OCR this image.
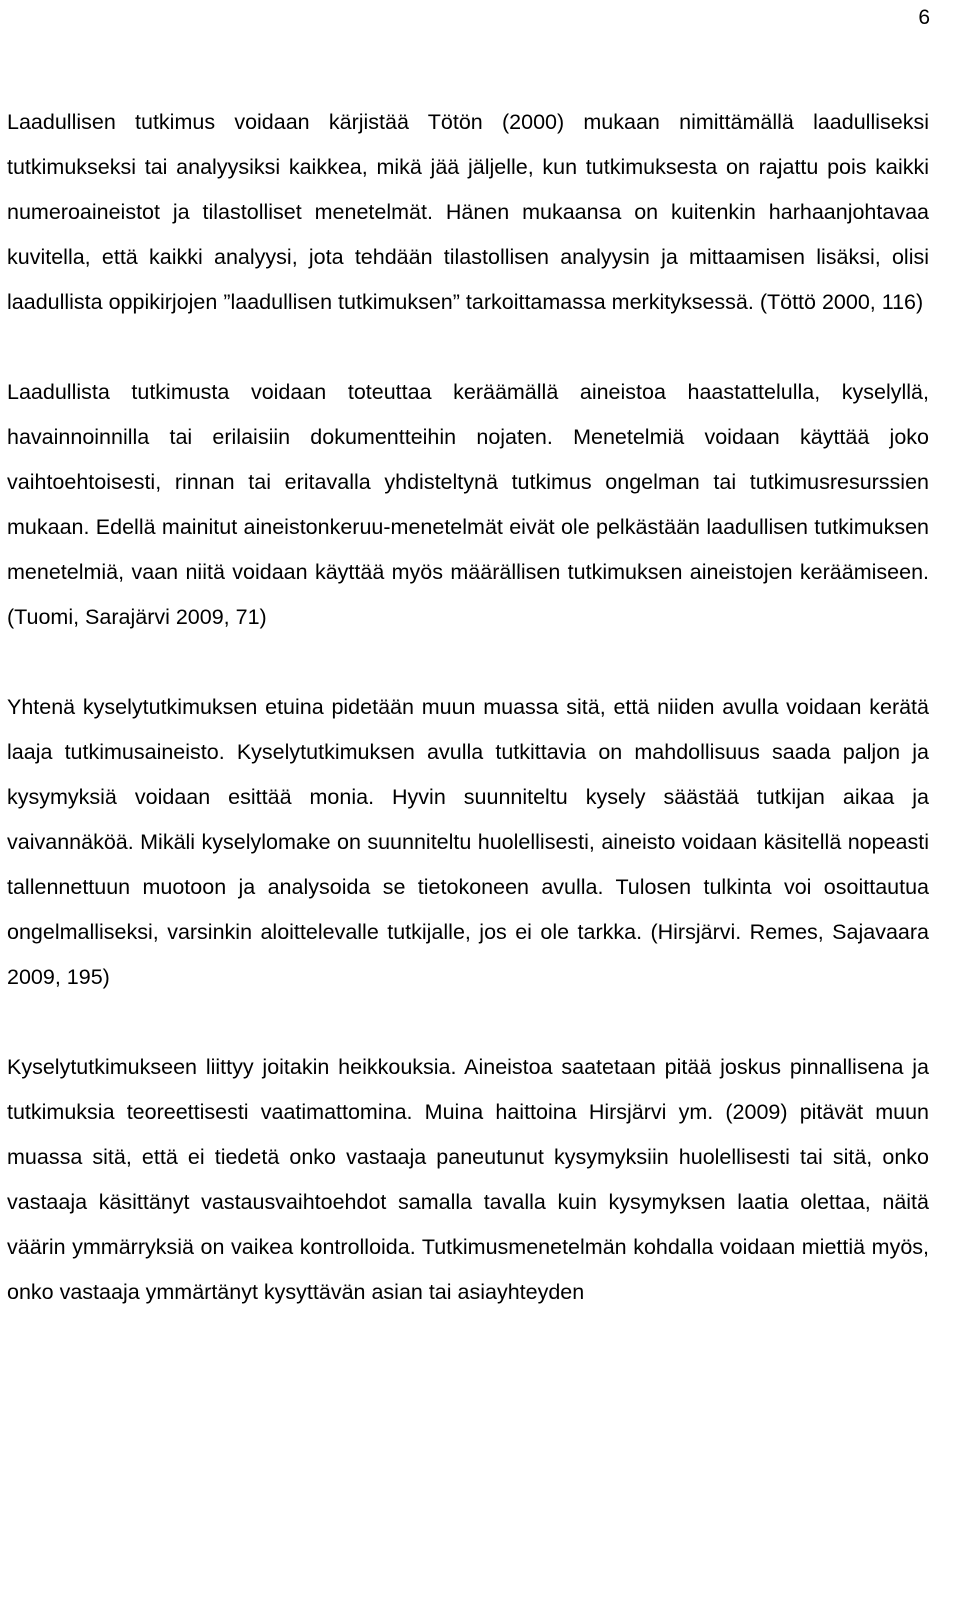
6

Laadullisen tutkimus voidaan kärjistää Tötön (2000) mukaan nimittämällä laadulliseksi tutkimukseksi tai analyysiksi kaikkea, mikä jää jäljelle, kun tutkimuksesta on rajattu pois kaikki numeroaineistot ja tilastolliset menetelmät. Hänen mukaansa on kuitenkin harhaanjohtavaa kuvitella, että kaikki analyysi, jota tehdään tilastollisen analyysin ja mittaamisen lisäksi, olisi laadullista oppikirjojen ”laadullisen tutkimuksen” tarkoittamassa merkityksessä. (Töttö 2000, 116)

Laadullista tutkimusta voidaan toteuttaa keräämällä aineistoa haastattelulla, kyselyllä, havainnoinnilla tai erilaisiin dokumentteihin nojaten. Menetelmiä voidaan käyttää joko vaihtoehtoisesti, rinnan tai eritavalla yhdisteltynä tutkimus ongelman tai tutkimusresurssien mukaan. Edellä mainitut aineistonkeruu-menetelmät eivät ole pelkästään laadullisen tutkimuksen menetelmiä, vaan niitä voidaan käyttää myös määrällisen tutkimuksen aineistojen keräämiseen. (Tuomi, Sarajärvi 2009, 71)

Yhtenä kyselytutkimuksen etuina pidetään muun muassa sitä, että niiden avulla voidaan kerätä laaja tutkimusaineisto. Kyselytutkimuksen avulla tutkittavia on mahdollisuus saada paljon ja kysymyksiä voidaan esittää monia. Hyvin suunniteltu kysely säästää tutkijan aikaa ja vaivannäköä. Mikäli kyselylomake on suunniteltu huolellisesti, aineisto voidaan käsitellä nopeasti tallennettuun muotoon ja analysoida se tietokoneen avulla. Tulosen tulkinta voi osoittautua ongelmalliseksi, varsinkin aloittelevalle tutkijalle, jos ei ole tarkka. (Hirsjärvi. Remes, Sajavaara 2009, 195)

Kyselytutkimukseen liittyy joitakin heikkouksia. Aineistoa saatetaan pitää joskus pinnallisena ja tutkimuksia teoreettisesti vaatimattomina. Muina haittoina Hirsjärvi ym. (2009) pitävät muun muassa sitä, että ei tiedetä onko vastaaja paneutunut kysymyksiin huolellisesti tai sitä, onko vastaaja käsittänyt vastausvaihtoehdot samalla tavalla kuin kysymyksen laatia olettaa, näitä väärin ymmärryksiä on vaikea kontrolloida. Tutkimusmenetelmän kohdalla voidaan miettiä myös, onko vastaaja ymmärtänyt kysyttävän asian tai asiayhteyden
